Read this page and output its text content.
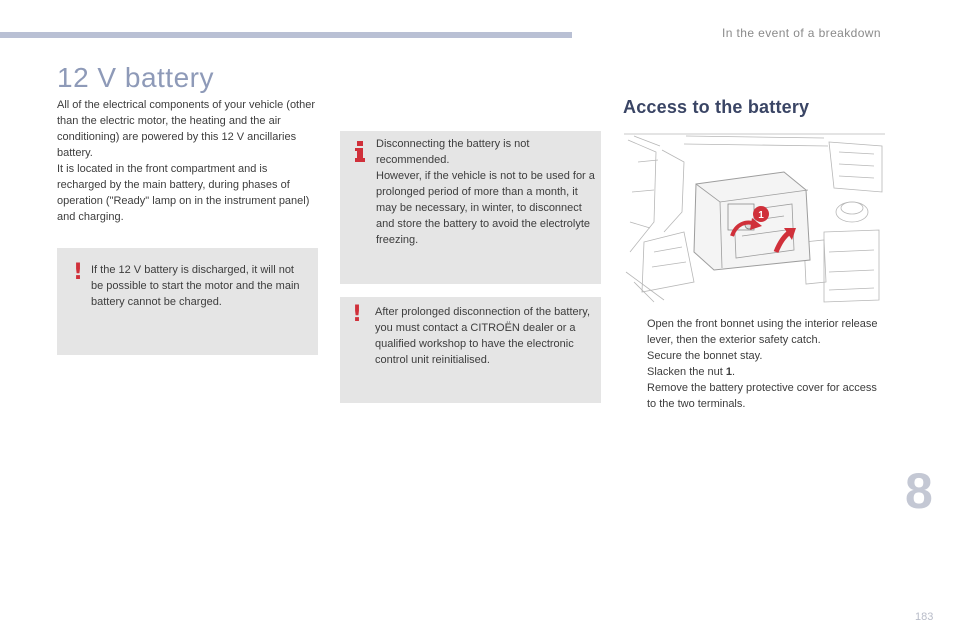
In the event of a breakdown
12 V battery

All of the electrical components of your vehicle (other than the electric motor, the heating and the air conditioning) are powered by this 12 V ancillaries battery.

It is located in the front compartment and is recharged by the main battery, during phases of operation ("Ready" lamp on in the instrument panel) and charging.

! If the 12 V battery is discharged, it will not be possible to start the motor and the main battery cannot be charged.

Disconnecting the battery is not recommended.

However, if the vehicle is not to be used for a prolonged period of more than a month, it may be necessary, in winter, to disconnect and store the battery to avoid the electrolyte freezing.

! After prolonged disconnection of the battery, you must contact a CITROËN dealer or a qualified workshop to have the electronic control unit reinitialised.
Access to the battery
1
Open the front bonnet using the interior release lever, then the exterior safety catch.
Secure the bonnet stay.
Slacken the nut 1.
Remove the battery protective cover for access to the two terminals.
8
183
